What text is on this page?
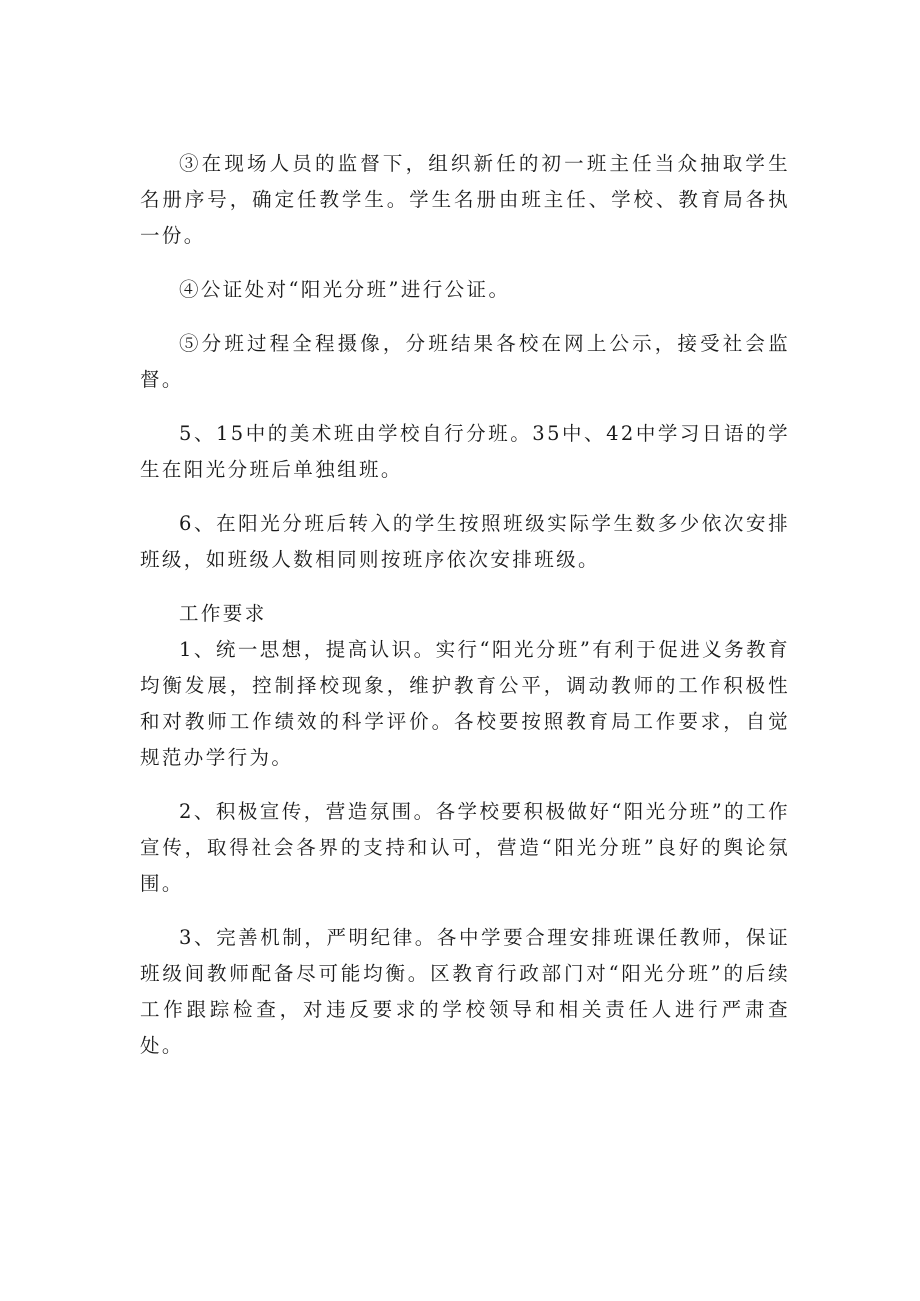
③在现场人员的监督下，组织新任的初一班主任当众抽取学生名册序号，确定任教学生。学生名册由班主任、学校、教育局各执一份。

④公证处对“阳光分班”进行公证。

⑤分班过程全程摄像，分班结果各校在网上公示，接受社会监督。

5、15中的美术班由学校自行分班。35中、42中学习日语的学生在阳光分班后单独组班。

6、在阳光分班后转入的学生按照班级实际学生数多少依次安排班级，如班级人数相同则按班序依次安排班级。

工作要求

1、统一思想，提高认识。实行“阳光分班”有利于促进义务教育均衡发展，控制择校现象，维护教育公平，调动教师的工作积极性和对教师工作绩效的科学评价。各校要按照教育局工作要求，自觉规范办学行为。

2、积极宣传，营造氛围。各学校要积极做好“阳光分班”的工作宣传，取得社会各界的支持和认可，营造“阳光分班”良好的舆论氛围。

3、完善机制，严明纪律。各中学要合理安排班课任教师，保证班级间教师配备尽可能均衡。区教育行政部门对“阳光分班”的后续工作跟踪检查，对违反要求的学校领导和相关责任人进行严肃查处。
